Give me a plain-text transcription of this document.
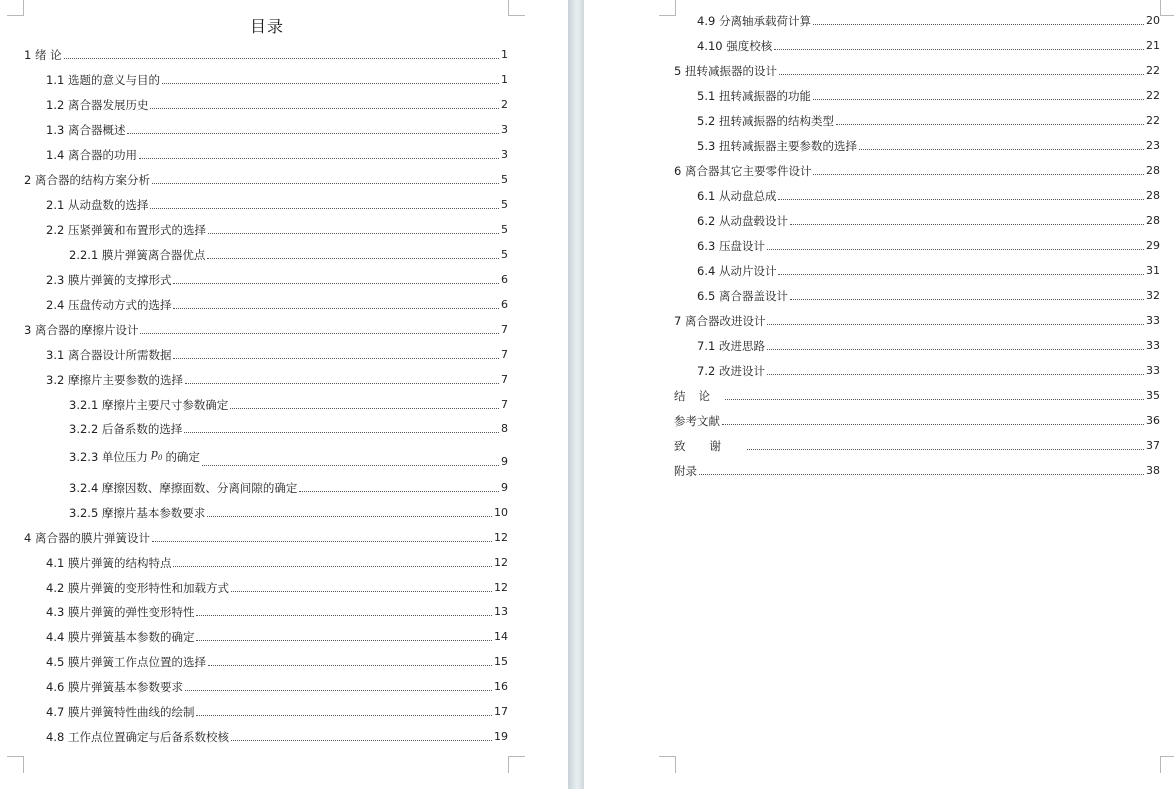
目录
1 绪 论	1
1.1 选题的意义与目的	1
1.2 离合器发展历史	2
1.3 离合器概述	3
1.4 离合器的功用	3
2 离合器的结构方案分析	5
2.1 从动盘数的选择	5
2.2 压紧弹簧和布置形式的选择	5
2.2.1 膜片弹簧离合器优点	5
2.3 膜片弹簧的支撑形式	6
2.4 压盘传动方式的选择	6
3 离合器的摩擦片设计	7
3.1 离合器设计所需数据	7
3.2 摩擦片主要参数的选择	7
3.2.1 摩擦片主要尺寸参数确定	7
3.2.2 后备系数的选择	8
3.2.3 单位压力 $p_0$ 的确定	9
3.2.4 摩擦因数、摩擦面数、分离间隙的确定	9
3.2.5 摩擦片基本参数要求	10
4 离合器的膜片弹簧设计	12
4.1 膜片弹簧的结构特点	12
4.2 膜片弹簧的变形特性和加载方式	12
4.3 膜片弹簧的弹性变形特性	13
4.4 膜片弹簧基本参数的确定	14
4.5 膜片弹簧工作点位置的选择	15
4.6 膜片弹簧基本参数要求	16
4.7 膜片弹簧特性曲线的绘制	17
4.8 工作点位置确定与后备系数校核	19
4.9 分离轴承载荷计算	20
4.10 强度校核	21
5 扭转减振器的设计	22
5.1 扭转减振器的功能	22
5.2 扭转减振器的结构类型	22
5.3 扭转减振器主要参数的选择	23
6 离合器其它主要零件设计	28
6.1 从动盘总成	28
6.2 从动盘毂设计	28
6.3 压盘设计	29
6.4 从动片设计	31
6.5 离合器盖设计	32
7 离合器改进设计	33
7.1 改进思路	33
7.2 改进设计	33
结论	35
参考文献	36
致谢	37
附录	38
